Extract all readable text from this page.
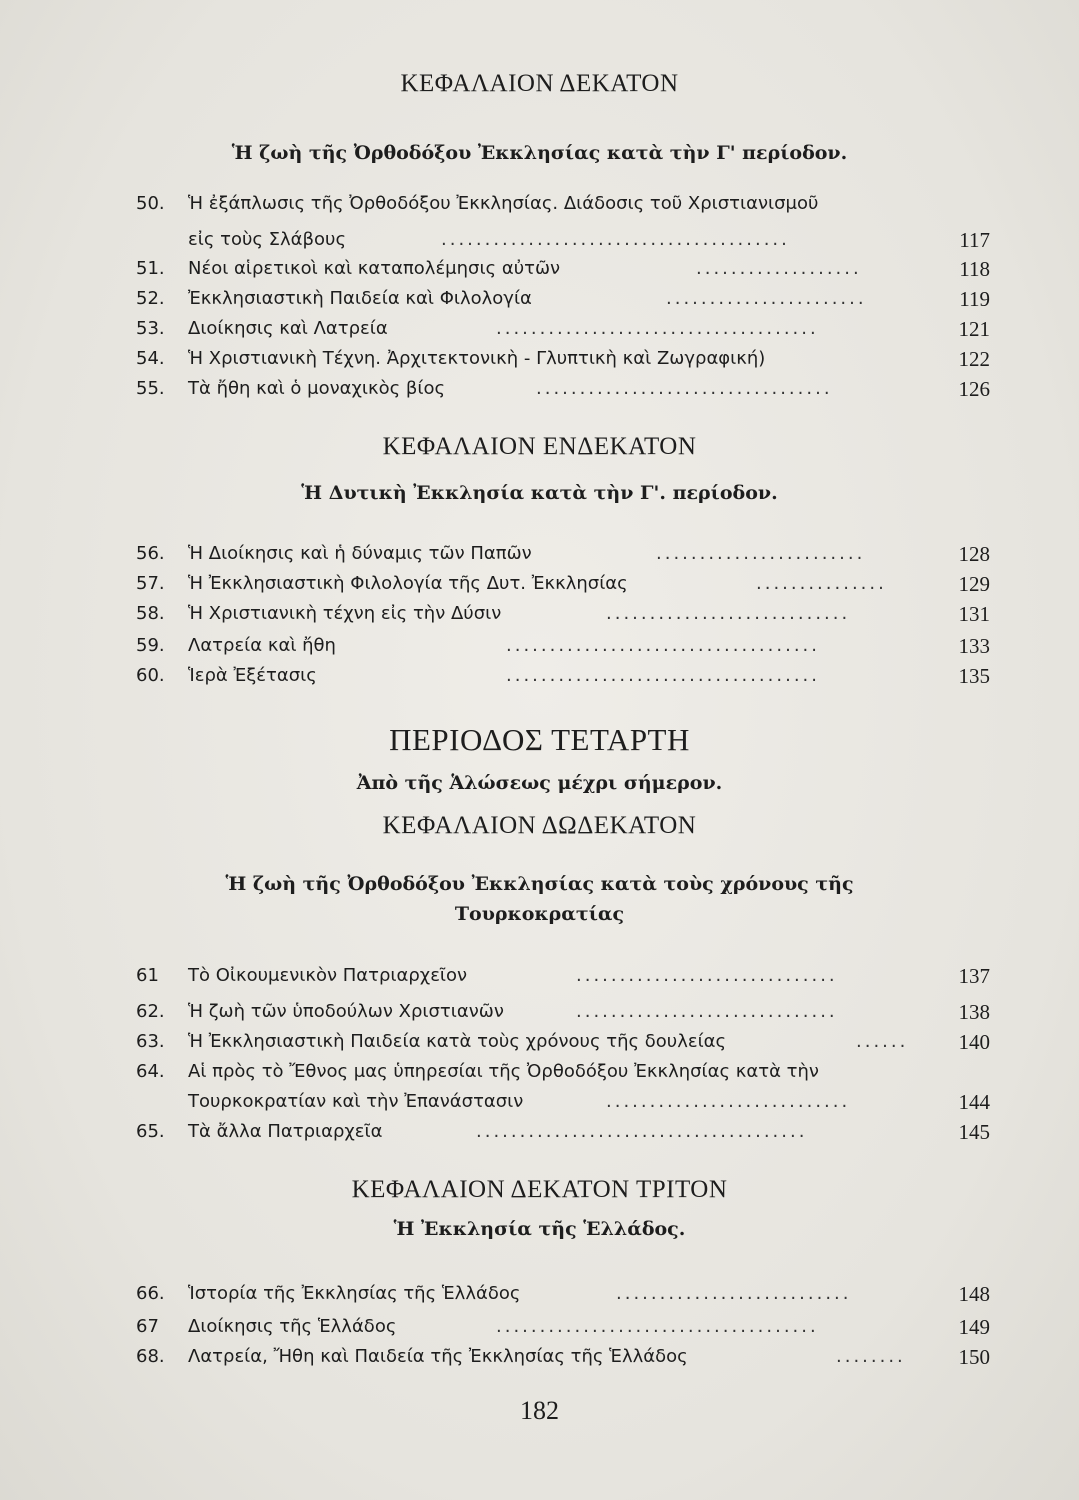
ΚΕΦΑΛΑΙΟΝ ΔΕΚΑΤΟΝ
Ἡ ζωὴ τῆς Ὀρθοδόξου Ἐκκλησίας κατὰ τὴν Γ' περίοδον.
50.	Ἡ ἐξάπλωσις τῆς Ὀρθοδόξου Ἐκκλησίας. Διάδοσις τοῦ Χριστιανισμοῦ
εἰς τοὺς Σλάβους	........................................	117
51.	Νέοι αἱρετικοὶ καὶ καταπολέμησις αὐτῶν	...................	118
52.	Ἐκκλησιαστικὴ Παιδεία καὶ Φιλολογία	.......................	119
53.	Διοίκησις καὶ Λατρεία	.....................................	121
54.	Ἡ Χριστιανικὴ Τέχνη. Ἀρχιτεκτονικὴ - Γλυπτικὴ καὶ Ζωγραφική)	122
55.	Τὰ ἤθη καὶ ὁ μοναχικὸς βίος	..................................	126
ΚΕΦΑΛΑΙΟΝ ΕΝΔΕΚΑΤΟΝ
Ἡ Δυτικὴ Ἐκκλησία κατὰ τὴν Γ'. περίοδον.
56.	Ἡ Διοίκησις καὶ ἡ δύναμις τῶν Παπῶν	........................	128
57.	Ἡ Ἐκκλησιαστικὴ Φιλολογία τῆς Δυτ. Ἐκκλησίας	...............	129
58.	Ἡ Χριστιανικὴ τέχνη εἰς τὴν Δύσιν	............................	131
59.	Λατρεία καὶ ἤθη	....................................	133
60.	Ἱερὰ Ἐξέτασις	....................................	135
ΠΕΡΙΟΔΟΣ ΤΕΤΑΡΤΗ
Ἀπὸ τῆς Ἁλώσεως μέχρι σήμερον.
ΚΕΦΑΛΑΙΟΝ ΔΩΔΕΚΑΤΟΝ
Ἡ ζωὴ τῆς Ὀρθοδόξου Ἐκκλησίας κατὰ τοὺς χρόνους τῆς
Τουρκοκρατίας
61	Τὸ Οἰκουμενικὸν Πατριαρχεῖον	..............................	137
62.	Ἡ ζωὴ τῶν ὑποδούλων Χριστιανῶν	..............................	138
63.	Ἡ Ἐκκλησιαστικὴ Παιδεία κατὰ τοὺς χρόνους τῆς δουλείας	......	140
64.	Αἱ πρὸς τὸ Ἔθνος μας ὑπηρεσίαι τῆς Ὀρθοδόξου Ἐκκλησίας κατὰ τὴν
Τουρκοκρατίαν καὶ τὴν Ἐπανάστασιν	............................	144
65.	Τὰ ἄλλα Πατριαρχεῖα	......................................	145
ΚΕΦΑΛΑΙΟΝ ΔΕΚΑΤΟΝ ΤΡΙΤΟΝ
Ἡ Ἐκκλησία τῆς Ἑλλάδος.
66.	Ἱστορία τῆς Ἐκκλησίας τῆς Ἑλλάδος	...........................	148
67	Διοίκησις τῆς Ἑλλάδος	.....................................	149
68.	Λατρεία, Ἤθη καὶ Παιδεία τῆς Ἐκκλησίας τῆς Ἑλλάδος	........	150
182
